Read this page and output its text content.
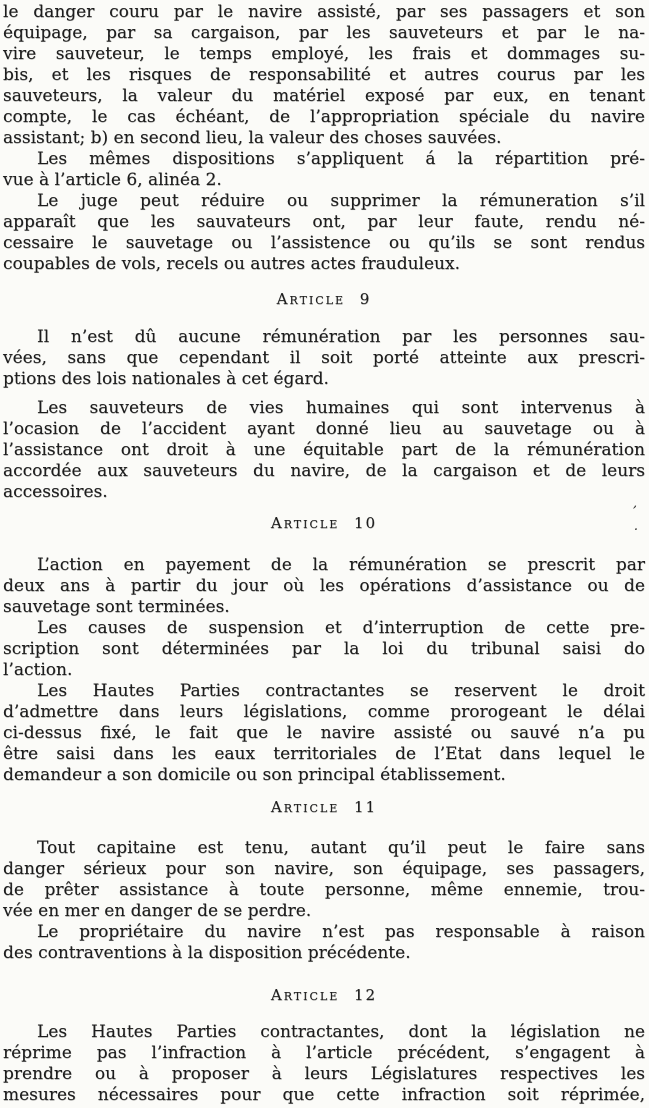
le danger couru par le navire assisté, par ses passagers et son
équipage, par sa cargaison, par les sauveteurs et par le na-
vire sauveteur, le temps employé, les frais et dommages su-
bis, et les risques de responsabilité et autres courus par les
sauveteurs, la valeur du matériel exposé par eux, en tenant
compte, le cas échéant, de l’appropriation spéciale du navire
assistant; b) en second lieu, la valeur des choses sauvées.
Les mêmes dispositions s’appliquent á la répartition pré-
vue à l’article 6, alinéa 2.
Le juge peut réduire ou supprimer la rémuneration s’il
apparaît que les sauvateurs ont, par leur faute, rendu né-
cessaire le sauvetage ou l’assistence ou qu’ils se sont rendus
coupables de vols, recels ou autres actes frauduleux.
Article 9
Il n’est dû aucune rémunération par les personnes sau-
vées, sans que cependant il soit porté atteinte aux prescri-
ptions des lois nationales à cet égard.
Les sauveteurs de vies humaines qui sont intervenus à
l’ocasion de l’accident ayant donné lieu au sauvetage ou à
l’assistance ont droit à une équitable part de la rémunération
accordée aux sauveteurs du navire, de la cargaison et de leurs
accessoires.
Article 10
L’action en payement de la rémunération se prescrit par
deux ans à partir du jour où les opérations d’assistance ou de
sauvetage sont terminées.
Les causes de suspension et d’interruption de cette pre-
scription sont déterminées par la loi du tribunal saisi do
l’action.
Les Hautes Parties contractantes se reservent le droit
d’admettre dans leurs législations, comme prorogeant le délai
ci-dessus fixé, le fait que le navire assisté ou sauvé n’a pu
être saisi dans les eaux territoriales de l’Etat dans lequel le
demandeur a son domicile ou son principal établissement.
Article 11
Tout capitaine est tenu, autant qu’il peut le faire sans
danger sérieux pour son navire, son équipage, ses passagers,
de prêter assistance à toute personne, même ennemie, trou-
vée en mer en danger de se perdre.
Le propriétaire du navire n’est pas responsable à raison
des contraventions à la disposition précédente.
Article 12
Les Hautes Parties contractantes, dont la législation ne
réprime pas l’infraction à l’article précédent, s’engagent à
prendre ou à proposer à leurs Législatures respectives les
mesures nécessaires pour que cette infraction soit réprimée,
’
.
